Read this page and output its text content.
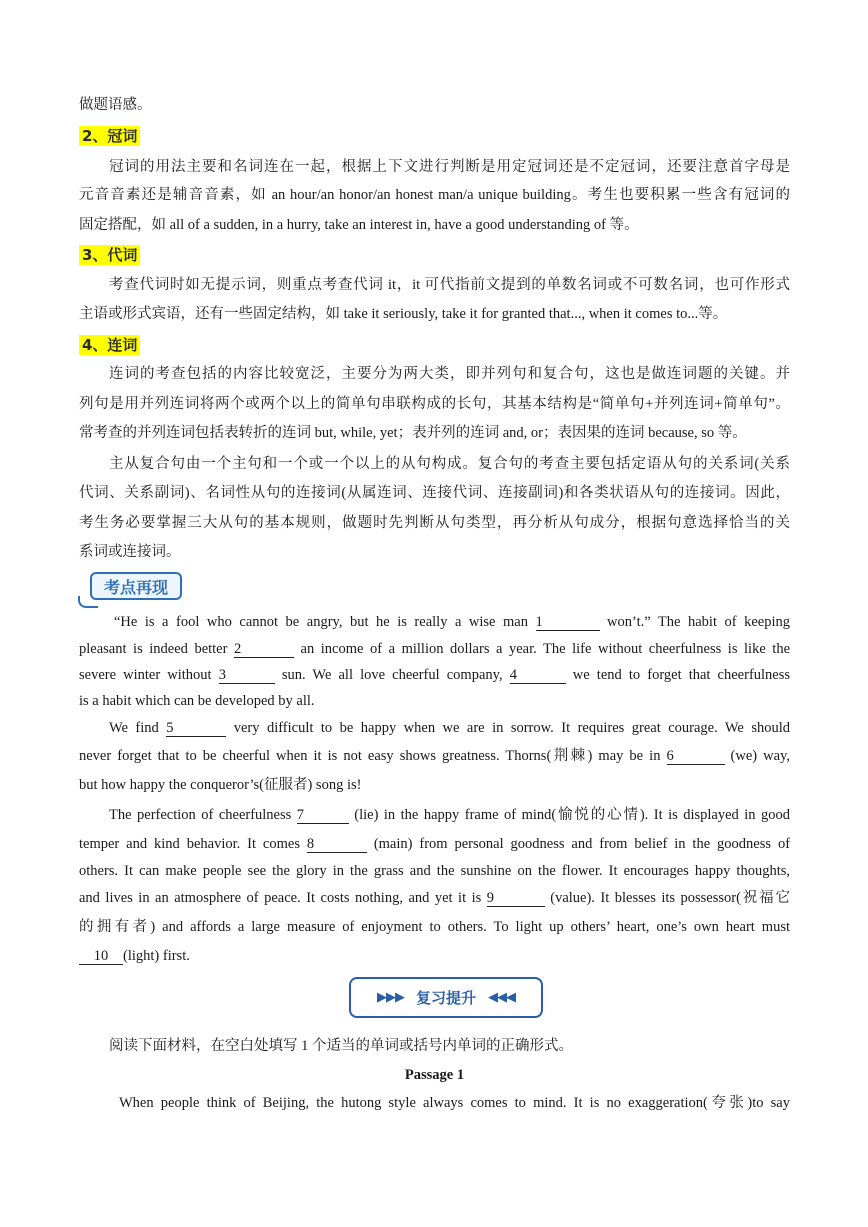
做题语感。
2、冠词
冠词的用法主要和名词连在一起，根据上下文进行判断是用定冠词还是不定冠词，还要注意首字母是
元音音素还是辅音音素，如 an hour/an honor/an honest man/a unique building。考生也要积累一些含有冠词的
固定搭配，如 all of a sudden, in a hurry, take an interest in, have a good understanding of 等。
3、代词
考查代词时如无提示词，则重点考查代词 it，it 可代指前文提到的单数名词或不可数名词，也可作形式
主语或形式宾语，还有一些固定结构，如 take it seriously, take it for granted that..., when it comes to...等。
4、连词
连词的考查包括的内容比较宽泛，主要分为两大类，即并列句和复合句，这也是做连词题的关键。并
列句是用并列连词将两个或两个以上的简单句串联构成的长句，其基本结构是“简单句+并列连词+简单句”。
常考查的并列连词包括表转折的连词 but, while, yet；表并列的连词 and, or；表因果的连词 because, so 等。
主从复合句由一个主句和一个或一个以上的从句构成。复合句的考查主要包括定语从句的关系词(关系
代词、关系副词)、名词性从句的连接词(从属连词、连接代词、连接副词)和各类状语从句的连接词。因此，
考生务必要掌握三大从句的基本规则，做题时先判断从句类型，再分析从句成分，根据句意选择恰当的关
系词或连接词。
考点再现
“He is a fool who cannot be angry, but he is really a wise man 1	won’t.” The habit of keeping
pleasant is indeed better 2	an income of a million dollars a year. The life without cheerfulness is like the
severe winter without 3	sun. We all love cheerful company, 4	we tend to forget that cheerfulness
is a habit which can be developed by all.
We find 5	very difficult to be happy when we are in sorrow. It requires great courage. We should
never forget that to be cheerful when it is not easy shows greatness. Thorns(荆棘) may be in 6	(we) way,
but how happy the conqueror’s(征服者) song is!
The perfection of cheerfulness 7	(lie) in the happy frame of mind(愉悦的心情). It is displayed in good
temper and kind behavior. It comes 8	(main) from personal goodness and from belief in the goodness of
others. It can make people see the glory in the grass and the sunshine on the flower. It encourages happy thoughts,
and lives in an atmosphere of peace. It costs nothing, and yet it is 9	(value). It blesses its possessor(祝福它
的拥有者) and affords a large measure of enjoyment to others. To light up others’ heart, one’s own heart must
10 (light) first.
▶▶▶ 复习提升 ◀◀◀
阅读下面材料，在空白处填写 1 个适当的单词或括号内单词的正确形式。
Passage 1
When people think of Beijing, the hutong style always comes to mind. It is no exaggeration(夸张)to say
